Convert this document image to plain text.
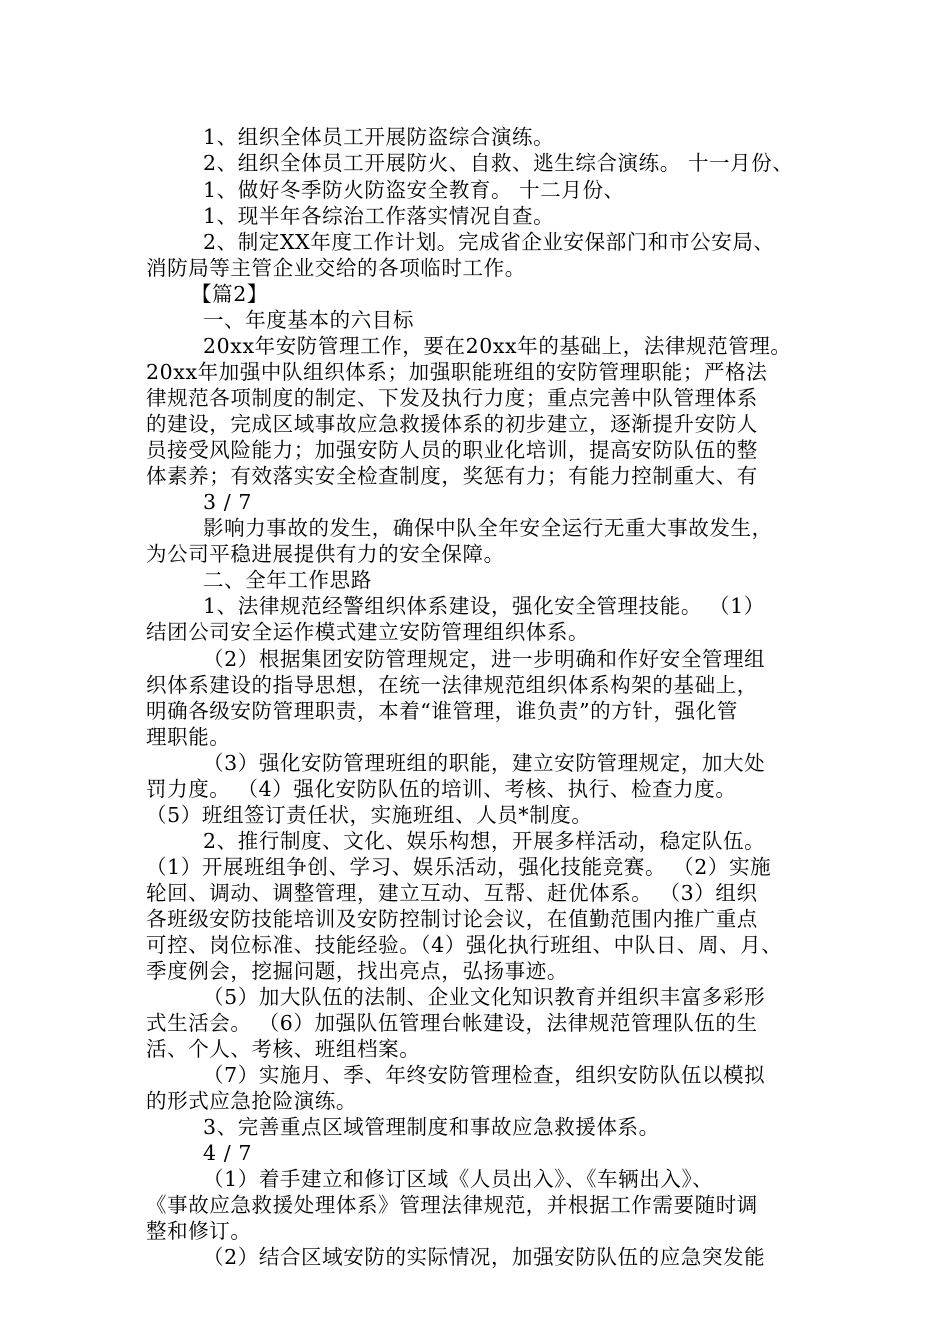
1、组织全体员工开展防盗综合演练。
2、组织全体员工开展防火、自救、逃生综合演练。 十一月份、
1、做好冬季防火防盗安全教育。 十二月份、
1、现半年各综治工作落实情况自查。
2、制定XX年度工作计划。完成省企业安保部门和市公安局、
消防局等主管企业交给的各项临时工作。
【篇2】
一、年度基本的六目标
20xx年安防管理工作，要在20xx年的基础上，法律规范管理。
20xx年加强中队组织体系；加强职能班组的安防管理职能；严格法
律规范各项制度的制定、下发及执行力度；重点完善中队管理体系
的建设，完成区域事故应急救援体系的初步建立，逐渐提升安防人
员接受风险能力；加强安防人员的职业化培训，提高安防队伍的整
体素养；有效落实安全检查制度，奖惩有力；有能力控制重大、有
3 / 7
影响力事故的发生，确保中队全年安全运行无重大事故发生，
为公司平稳进展提供有力的安全保障。
二、全年工作思路
1、法律规范经警组织体系建设，强化安全管理技能。 （1）
结团公司安全运作模式建立安防管理组织体系。
（2）根据集团安防管理规定，进一步明确和作好安全管理组
织体系建设的指导思想，在统一法律规范组织体系构架的基础上，
明确各级安防管理职责，本着“谁管理，谁负责”的方针，强化管
理职能。
（3）强化安防管理班组的职能，建立安防管理规定，加大处
罚力度。 （4）强化安防队伍的培训、考核、执行、检查力度。
（5）班组签订责任状，实施班组、人员*制度。
2、推行制度、文化、娱乐构想，开展多样活动，稳定队伍。
（1）开展班组争创、学习、娱乐活动，强化技能竞赛。 （2）实施
轮回、调动、调整管理，建立互动、互帮、赶优体系。 （3）组织
各班级安防技能培训及安防控制讨论会议，在值勤范围内推广重点
可控、岗位标准、技能经验。（4）强化执行班组、中队日、周、月、
季度例会，挖掘问题，找出亮点，弘扬事迹。
（5）加大队伍的法制、企业文化知识教育并组织丰富多彩形
式生活会。 （6）加强队伍管理台帐建设，法律规范管理队伍的生
活、个人、考核、班组档案。
（7）实施月、季、年终安防管理检查，组织安防队伍以模拟
的形式应急抢险演练。
3、完善重点区域管理制度和事故应急救援体系。
4 / 7
（1）着手建立和修订区域《人员出入》、《车辆出入》、
《事故应急救援处理体系》管理法律规范，并根据工作需要随时调
整和修订。
（2）结合区域安防的实际情况，加强安防队伍的应急突发能
